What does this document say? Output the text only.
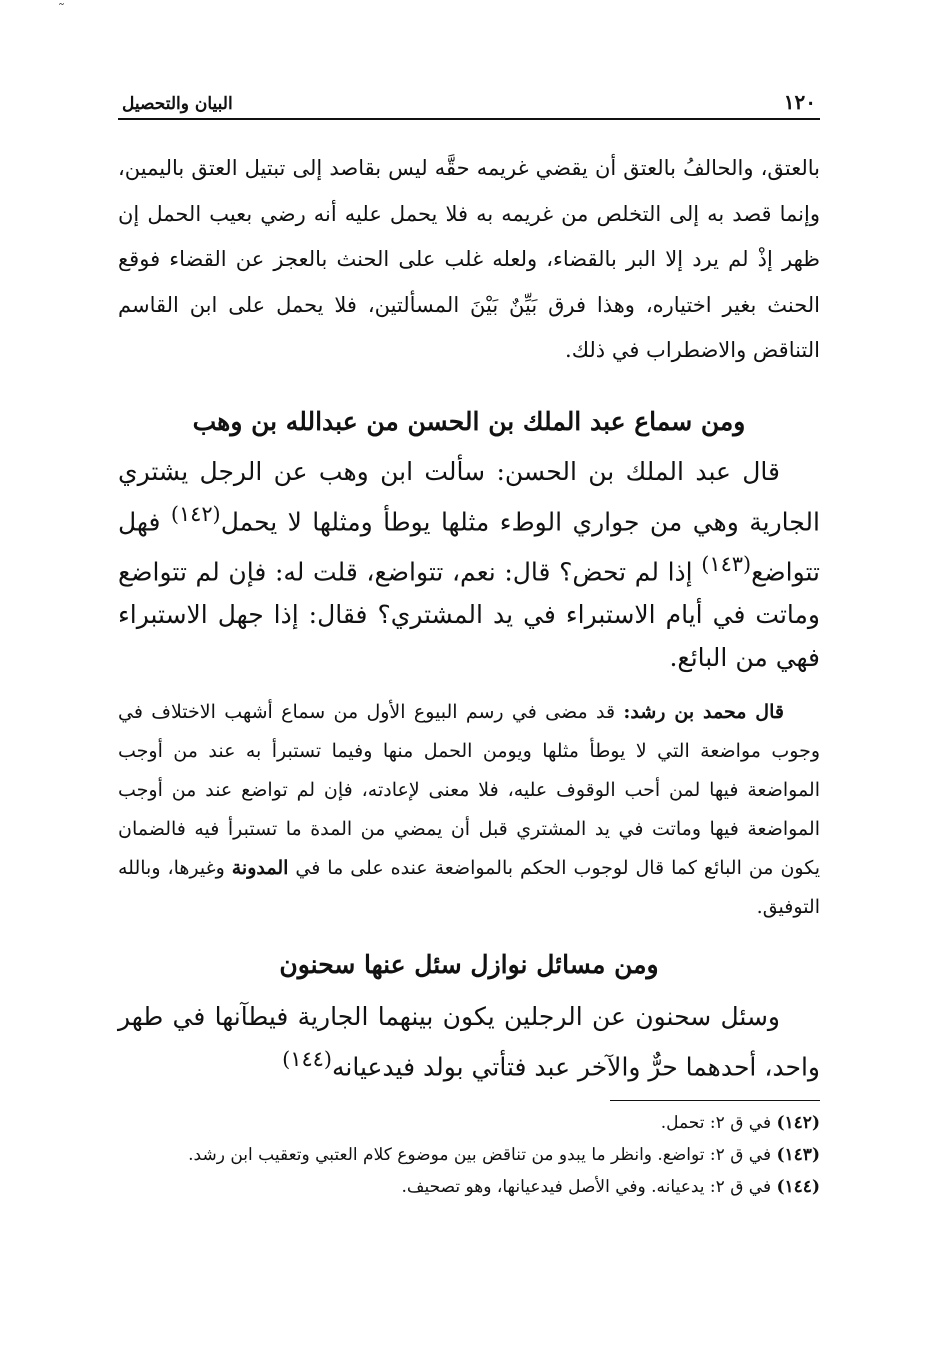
˜
١٢٠
البيان والتحصيل

بالعتق، والحالفُ بالعتق أن يقضي غريمه حقَّه ليس بقاصد إلى تبتيل العتق باليمين، وإنما قصد به إلى التخلص من غريمه به فلا يحمل عليه أنه رضي بعيب الحمل إن ظهر إذْ لم يرد إلا البر بالقضاء، ولعله غلب على الحنث بالعجز عن القضاء فوقع الحنث بغير اختياره، وهذا فرق بَيِّنٌ بَيْنَ المسألتين، فلا يحمل على ابن القاسم التناقض والاضطراب في ذلك.

ومن سماع عبد الملك بن الحسن من عبدالله بن وهب

قال عبد الملك بن الحسن: سألت ابن وهب عن الرجل يشتري الجارية وهي من جواري الوطء مثلها يوطأ ومثلها لا يحمل$^{(١٤٢)}$ فهل تتواضع$^{(١٤٣)}$ إذا لم تحض؟ قال: نعم، تتواضع، قلت له: فإن لم تتواضع وماتت في أيام الاستبراء في يد المشتري؟ فقال: إذا جهل الاستبراء فهي من البائع.

قال محمد بن رشد: قد مضى في رسم البيوع الأول من سماع أشهب الاختلاف في وجوب مواضعة التي لا يوطأ مثلها ويومن الحمل منها وفيما تستبرأ به عند من أوجب المواضعة فيها لمن أحب الوقوف عليه، فلا معنى لإعادته، فإن لم تواضع عند من أوجب المواضعة فيها وماتت في يد المشتري قبل أن يمضي من المدة ما تستبرأ فيه فالضمان يكون من البائع كما قال لوجوب الحكم بالمواضعة عنده على ما في المدونة وغيرها، وبالله التوفيق.

ومن مسائل نوازل سئل عنها سحنون

وسئل سحنون عن الرجلين يكون بينهما الجارية فيطآنها في طهر واحد، أحدهما حرٌّ والآخر عبد فتأتي بولد فيدعيانه$^{(١٤٤)}$

(١٤٢) في ق ٢: تحمل.

(١٤٣) في ق ٢: تواضع. وانظر ما يبدو من تناقض بين موضوع كلام العتبي وتعقيب ابن رشد.

(١٤٤) في ق ٢: يدعيانه. وفي الأصل فيدعيانها، وهو تصحيف.
